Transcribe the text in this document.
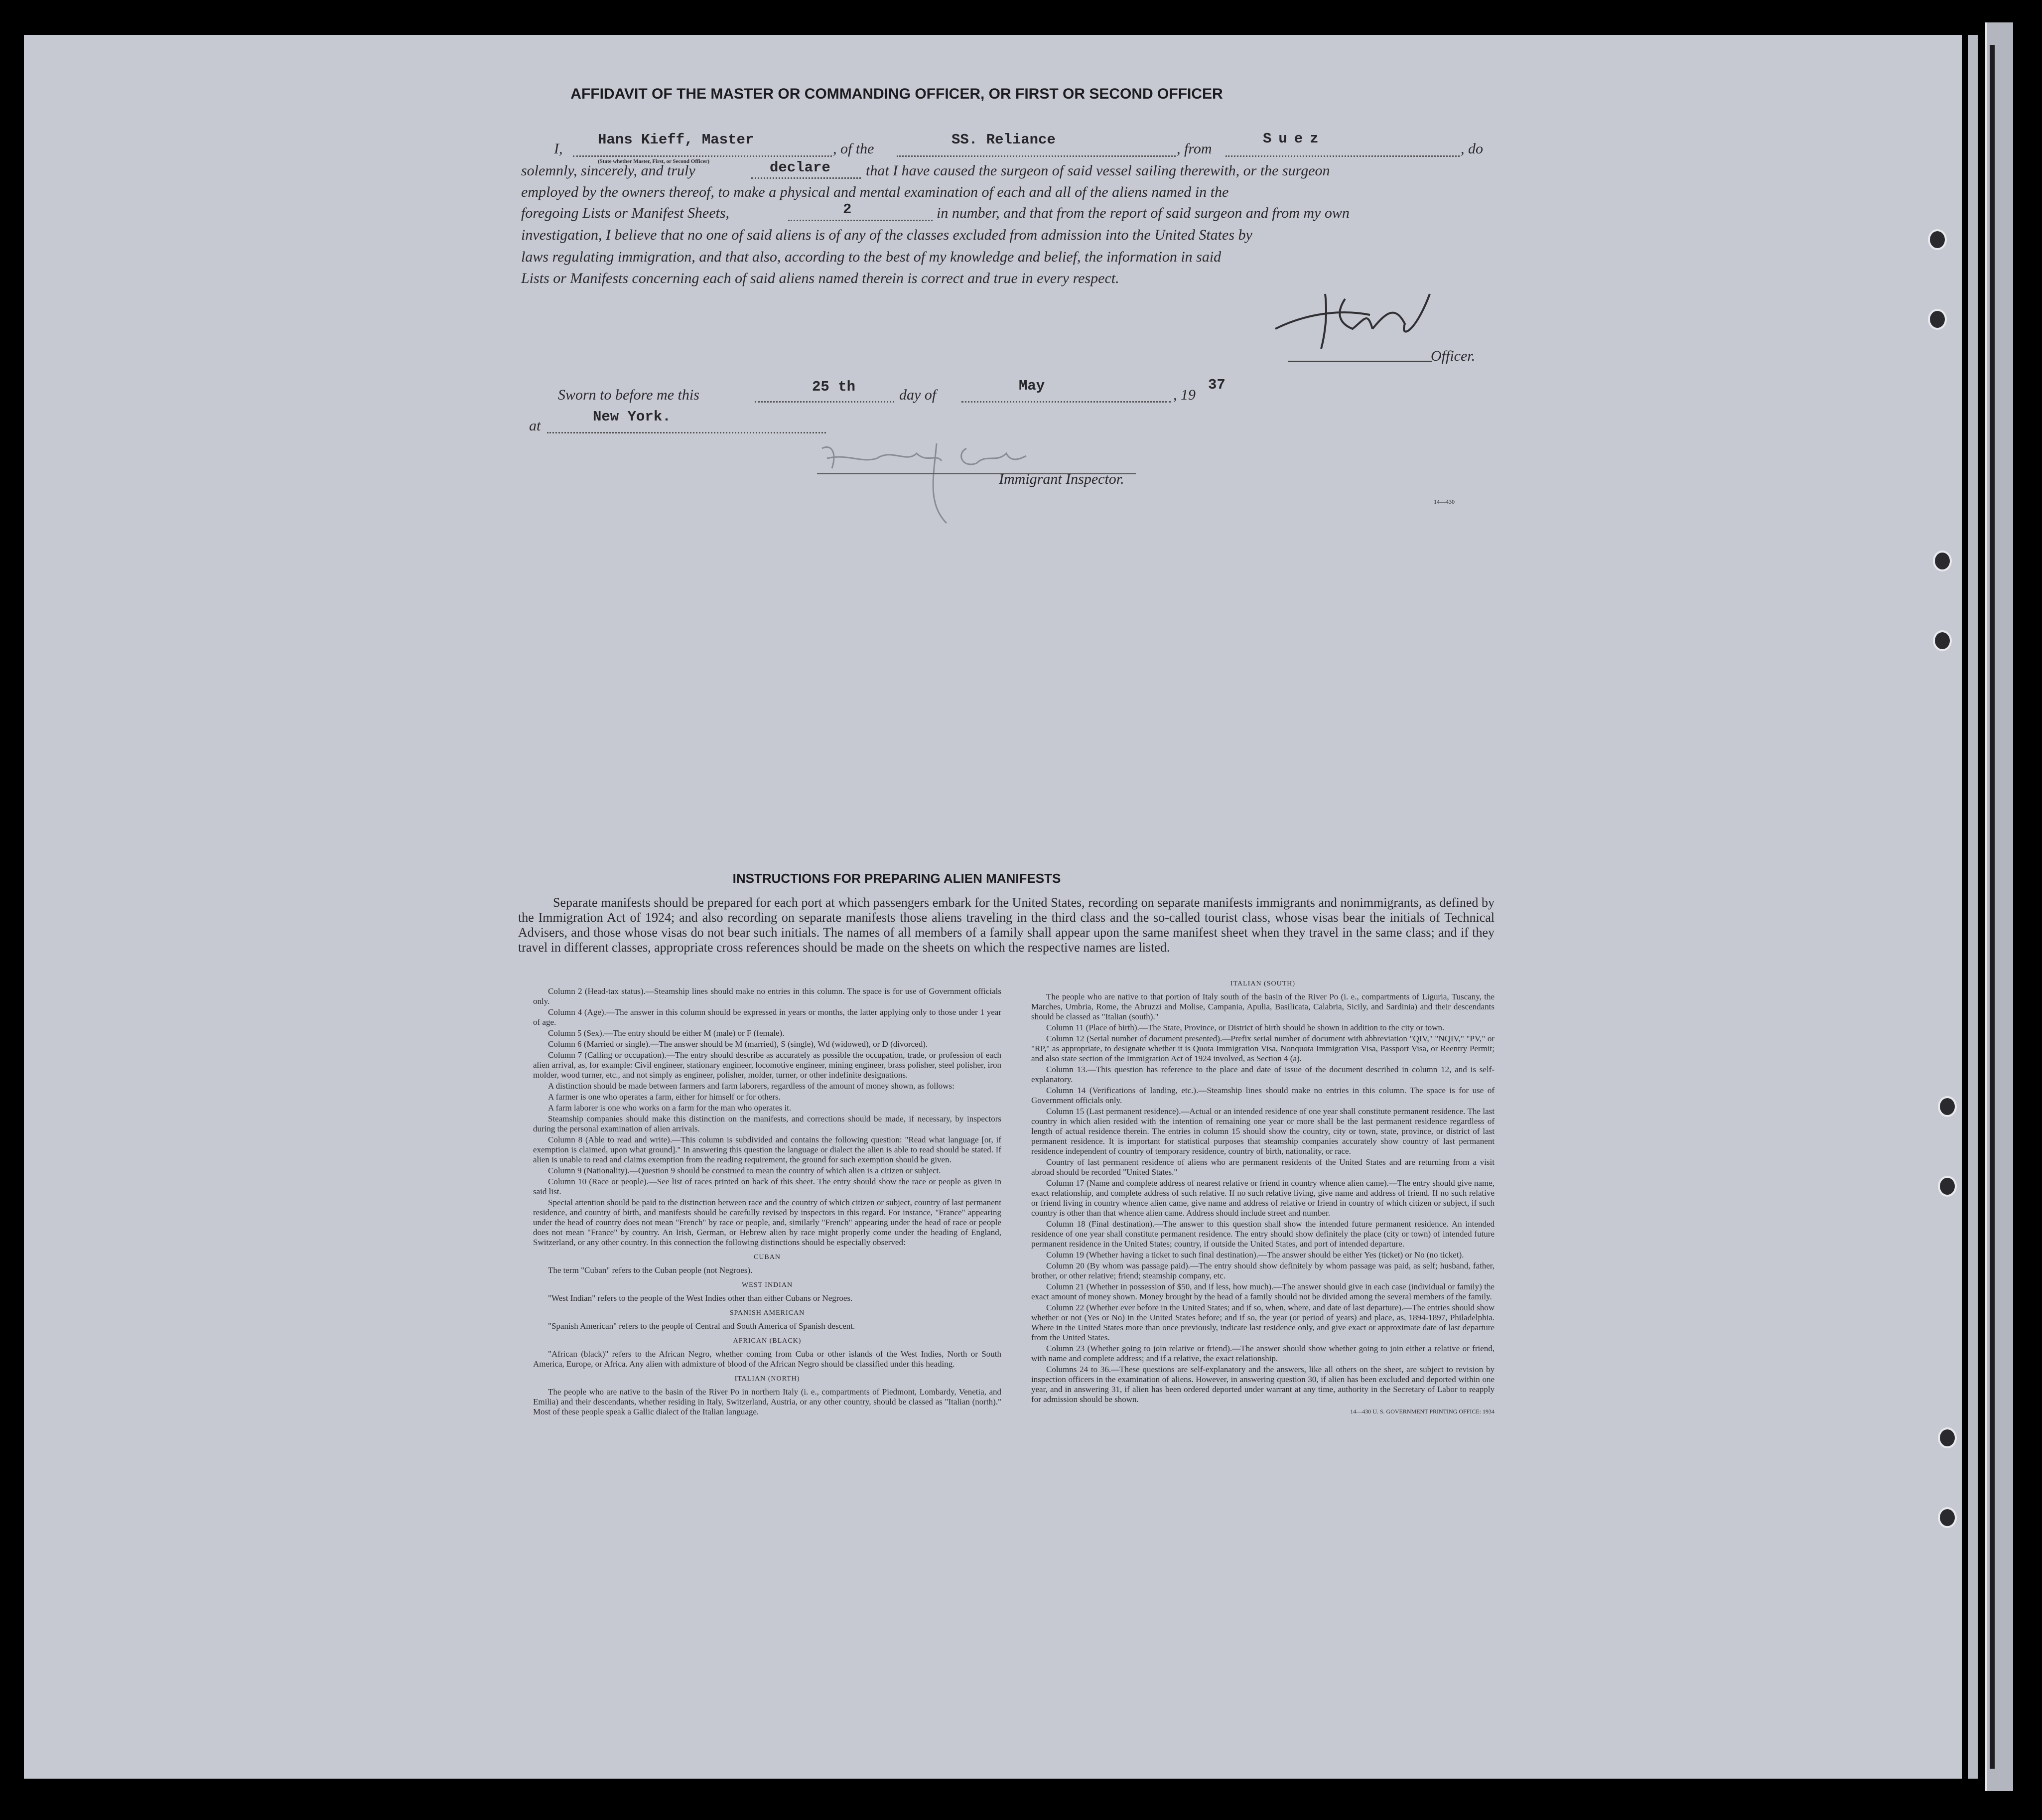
AFFIDAVIT OF THE MASTER OR COMMANDING OFFICER, OR FIRST OR SECOND OFFICER
I,
Hans Kieff, Master
(State whether Master, First, or Second Officer)
, of the
SS. Reliance
, from
Suez
, do
solemnly, sincerely, and truly	declare that I have caused the surgeon of said vessel sailing therewith, or the surgeon
employed by the owners thereof, to make a physical and mental examination of each and all of the aliens named in the
foregoing Lists or Manifest Sheets,	2	in number, and that from the report of said surgeon and from my own
investigation, I believe that no one of said aliens is of any of the classes excluded from admission into the United States by
laws regulating immigration, and that also, according to the best of my knowledge and belief, the information in said
Lists or Manifests concerning each of said aliens named therein is correct and true in every respect.
Officer.
Sworn to before me this	25 th	day of
May
, 19
37
at
New York.
Immigrant Inspector.
14—430
INSTRUCTIONS FOR PREPARING ALIEN MANIFESTS
Separate manifests should be prepared for each port at which passengers embark for the United States, recording on separate manifests immigrants and nonimmigrants, as defined by the Immigration Act of 1924; and also recording on separate manifests those aliens traveling in the third class and the so-called tourist class, whose visas bear the initials of Technical Advisers, and those whose visas do not bear such initials. The names of all members of a family shall appear upon the same manifest sheet when they travel in the same class; and if they travel in different classes, appropriate cross references should be made on the sheets on which the respective names are listed.

Column 2 (Head-tax status).—Steamship lines should make no entries in this column. The space is for use of Government officials only.

Column 4 (Age).—The answer in this column should be expressed in years or months, the latter applying only to those under 1 year of age.

Column 5 (Sex).—The entry should be either M (male) or F (female).

Column 6 (Married or single).—The answer should be M (married), S (single), Wd (widowed), or D (divorced).

Column 7 (Calling or occupation).—The entry should describe as accurately as possible the occupation, trade, or profession of each alien arrival, as, for example: Civil engineer, stationary engineer, locomotive engineer, mining engineer, brass polisher, steel polisher, iron molder, wood turner, etc., and not simply as engineer, polisher, molder, turner, or other indefinite designations.

A distinction should be made between farmers and farm laborers, regardless of the amount of money shown, as follows:

A farmer is one who operates a farm, either for himself or for others.

A farm laborer is one who works on a farm for the man who operates it.

Steamship companies should make this distinction on the manifests, and corrections should be made, if necessary, by inspectors during the personal examination of alien arrivals.

Column 8 (Able to read and write).—This column is subdivided and contains the following question: "Read what language [or, if exemption is claimed, upon what ground]." In answering this question the language or dialect the alien is able to read should be stated. If alien is unable to read and claims exemption from the reading requirement, the ground for such exemption should be given.

Column 9 (Nationality).—Question 9 should be construed to mean the country of which alien is a citizen or subject.

Column 10 (Race or people).—See list of races printed on back of this sheet. The entry should show the race or people as given in said list.

Special attention should be paid to the distinction between race and the country of which citizen or subject, country of last permanent residence, and country of birth, and manifests should be carefully revised by inspectors in this regard. For instance, "France" appearing under the head of country does not mean "French" by race or people, and, similarly "French" appearing under the head of race or people does not mean "France" by country. An Irish, German, or Hebrew alien by race might properly come under the heading of England, Switzerland, or any other country. In this connection the following distinctions should be especially observed:

CUBAN

The term "Cuban" refers to the Cuban people (not Negroes).

WEST INDIAN

"West Indian" refers to the people of the West Indies other than either Cubans or Negroes.

SPANISH AMERICAN

"Spanish American" refers to the people of Central and South America of Spanish descent.

AFRICAN (BLACK)

"African (black)" refers to the African Negro, whether coming from Cuba or other islands of the West Indies, North or South America, Europe, or Africa. Any alien with admixture of blood of the African Negro should be classified under this heading.

ITALIAN (NORTH)

The people who are native to the basin of the River Po in northern Italy (i. e., compartments of Piedmont, Lombardy, Venetia, and Emilia) and their descendants, whether residing in Italy, Switzerland, Austria, or any other country, should be classed as "Italian (north)." Most of these people speak a Gallic dialect of the Italian language.

ITALIAN (SOUTH)

The people who are native to that portion of Italy south of the basin of the River Po (i. e., compartments of Liguria, Tuscany, the Marches, Umbria, Rome, the Abruzzi and Molise, Campania, Apulia, Basilicata, Calabria, Sicily, and Sardinia) and their descendants should be classed as "Italian (south)."

Column 11 (Place of birth).—The State, Province, or District of birth should be shown in addition to the city or town.

Column 12 (Serial number of document presented).—Prefix serial number of document with abbreviation "QIV," "NQIV," "PV," or "RP," as appropriate, to designate whether it is Quota Immigration Visa, Nonquota Immigration Visa, Passport Visa, or Reentry Permit; and also state section of the Immigration Act of 1924 involved, as Section 4 (a).

Column 13.—This question has reference to the place and date of issue of the document described in column 12, and is self-explanatory.

Column 14 (Verifications of landing, etc.).—Steamship lines should make no entries in this column. The space is for use of Government officials only.

Column 15 (Last permanent residence).—Actual or an intended residence of one year shall constitute permanent residence. The last country in which alien resided with the intention of remaining one year or more shall be the last permanent residence regardless of length of actual residence therein. The entries in column 15 should show the country, city or town, state, province, or district of last permanent residence. It is important for statistical purposes that steamship companies accurately show country of last permanent residence independent of country of temporary residence, country of birth, nationality, or race.

Country of last permanent residence of aliens who are permanent residents of the United States and are returning from a visit abroad should be recorded "United States."

Column 17 (Name and complete address of nearest relative or friend in country whence alien came).—The entry should give name, exact relationship, and complete address of such relative. If no such relative living, give name and address of friend. If no such relative or friend living in country whence alien came, give name and address of relative or friend in country of which citizen or subject, if such country is other than that whence alien came. Address should include street and number.

Column 18 (Final destination).—The answer to this question shall show the intended future permanent residence. An intended residence of one year shall constitute permanent residence. The entry should show definitely the place (city or town) of intended future permanent residence in the United States; country, if outside the United States, and port of intended departure.

Column 19 (Whether having a ticket to such final destination).—The answer should be either Yes (ticket) or No (no ticket).

Column 20 (By whom was passage paid).—The entry should show definitely by whom passage was paid, as self; husband, father, brother, or other relative; friend; steamship company, etc.

Column 21 (Whether in possession of $50, and if less, how much).—The answer should give in each case (individual or family) the exact amount of money shown. Money brought by the head of a family should not be divided among the several members of the family.

Column 22 (Whether ever before in the United States; and if so, when, where, and date of last departure).—The entries should show whether or not (Yes or No) in the United States before; and if so, the year (or period of years) and place, as, 1894-1897, Philadelphia. Where in the United States more than once previously, indicate last residence only, and give exact or approximate date of last departure from the United States.

Column 23 (Whether going to join relative or friend).—The answer should show whether going to join either a relative or friend, with name and complete address; and if a relative, the exact relationship.

Columns 24 to 36.—These questions are self-explanatory and the answers, like all others on the sheet, are subject to revision by inspection officers in the examination of aliens. However, in answering question 30, if alien has been excluded and deported within one year, and in answering 31, if alien has been ordered deported under warrant at any time, authority in the Secretary of Labor to reapply for admission should be shown.

14—430 U. S. GOVERNMENT PRINTING OFFICE: 1934
